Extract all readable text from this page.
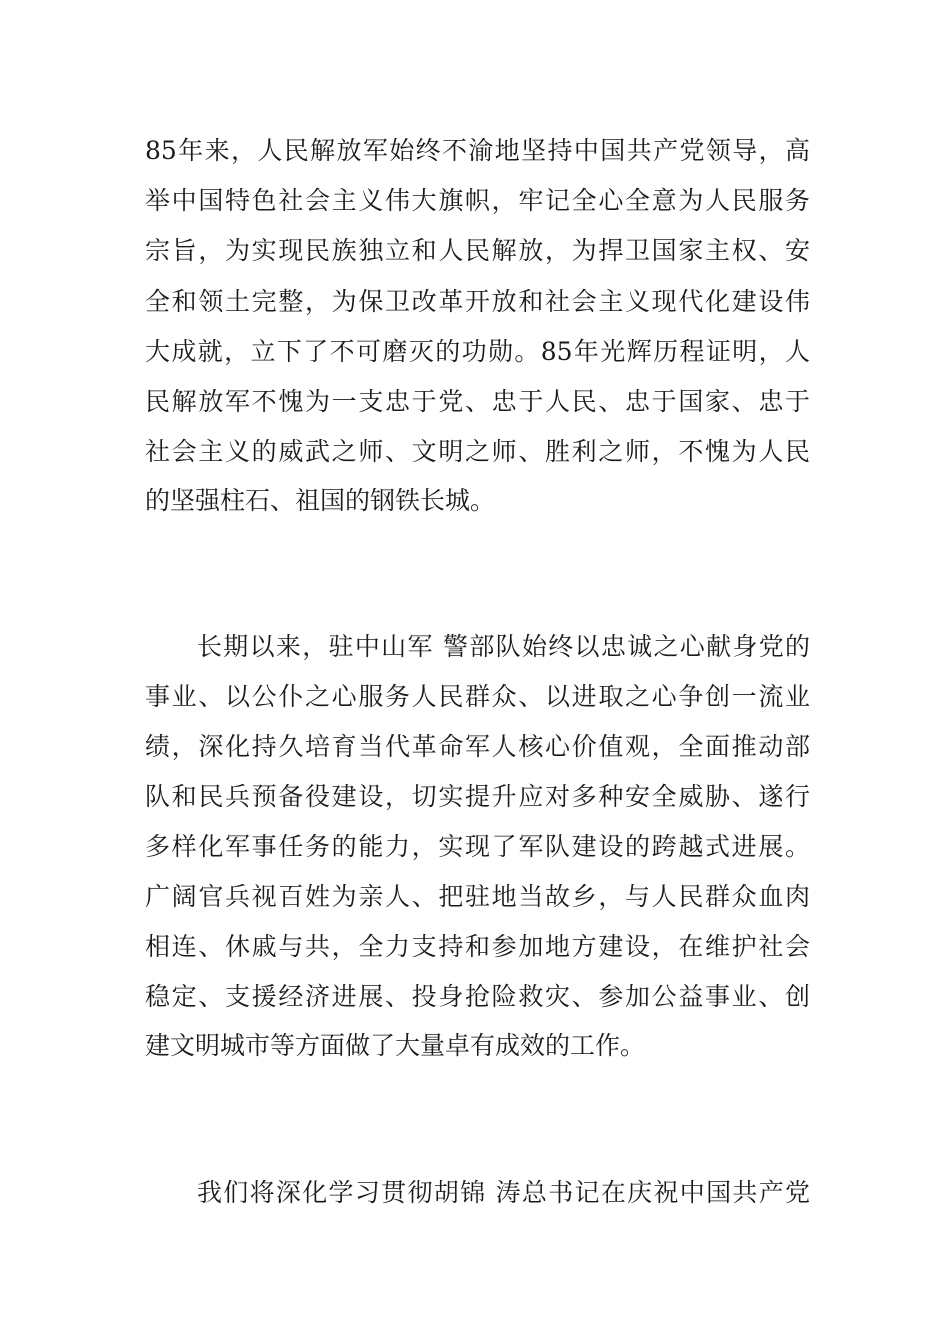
85年来，人民解放军始终不渝地坚持中国共产党领导，高
举中国特色社会主义伟大旗帜，牢记全心全意为人民服务
宗旨，为实现民族独立和人民解放，为捍卫国家主权、安
全和领土完整，为保卫改革开放和社会主义现代化建设伟
大成就，立下了不可磨灭的功勋。85年光辉历程证明，人
民解放军不愧为一支忠于党、忠于人民、忠于国家、忠于
社会主义的威武之师、文明之师、胜利之师，不愧为人民
的坚强柱石、祖国的钢铁长城。
长期以来，驻中山军 警部队始终以忠诚之心献身党的
事业、以公仆之心服务人民群众、以进取之心争创一流业
绩，深化持久培育当代革命军人核心价值观，全面推动部
队和民兵预备役建设，切实提升应对多种安全威胁、遂行
多样化军事任务的能力，实现了军队建设的跨越式进展。
广阔官兵视百姓为亲人、把驻地当故乡，与人民群众血肉
相连、休戚与共，全力支持和参加地方建设，在维护社会
稳定、支援经济进展、投身抢险救灾、参加公益事业、创
建文明城市等方面做了大量卓有成效的工作。
我们将深化学习贯彻胡锦 涛总书记在庆祝中国共产党
